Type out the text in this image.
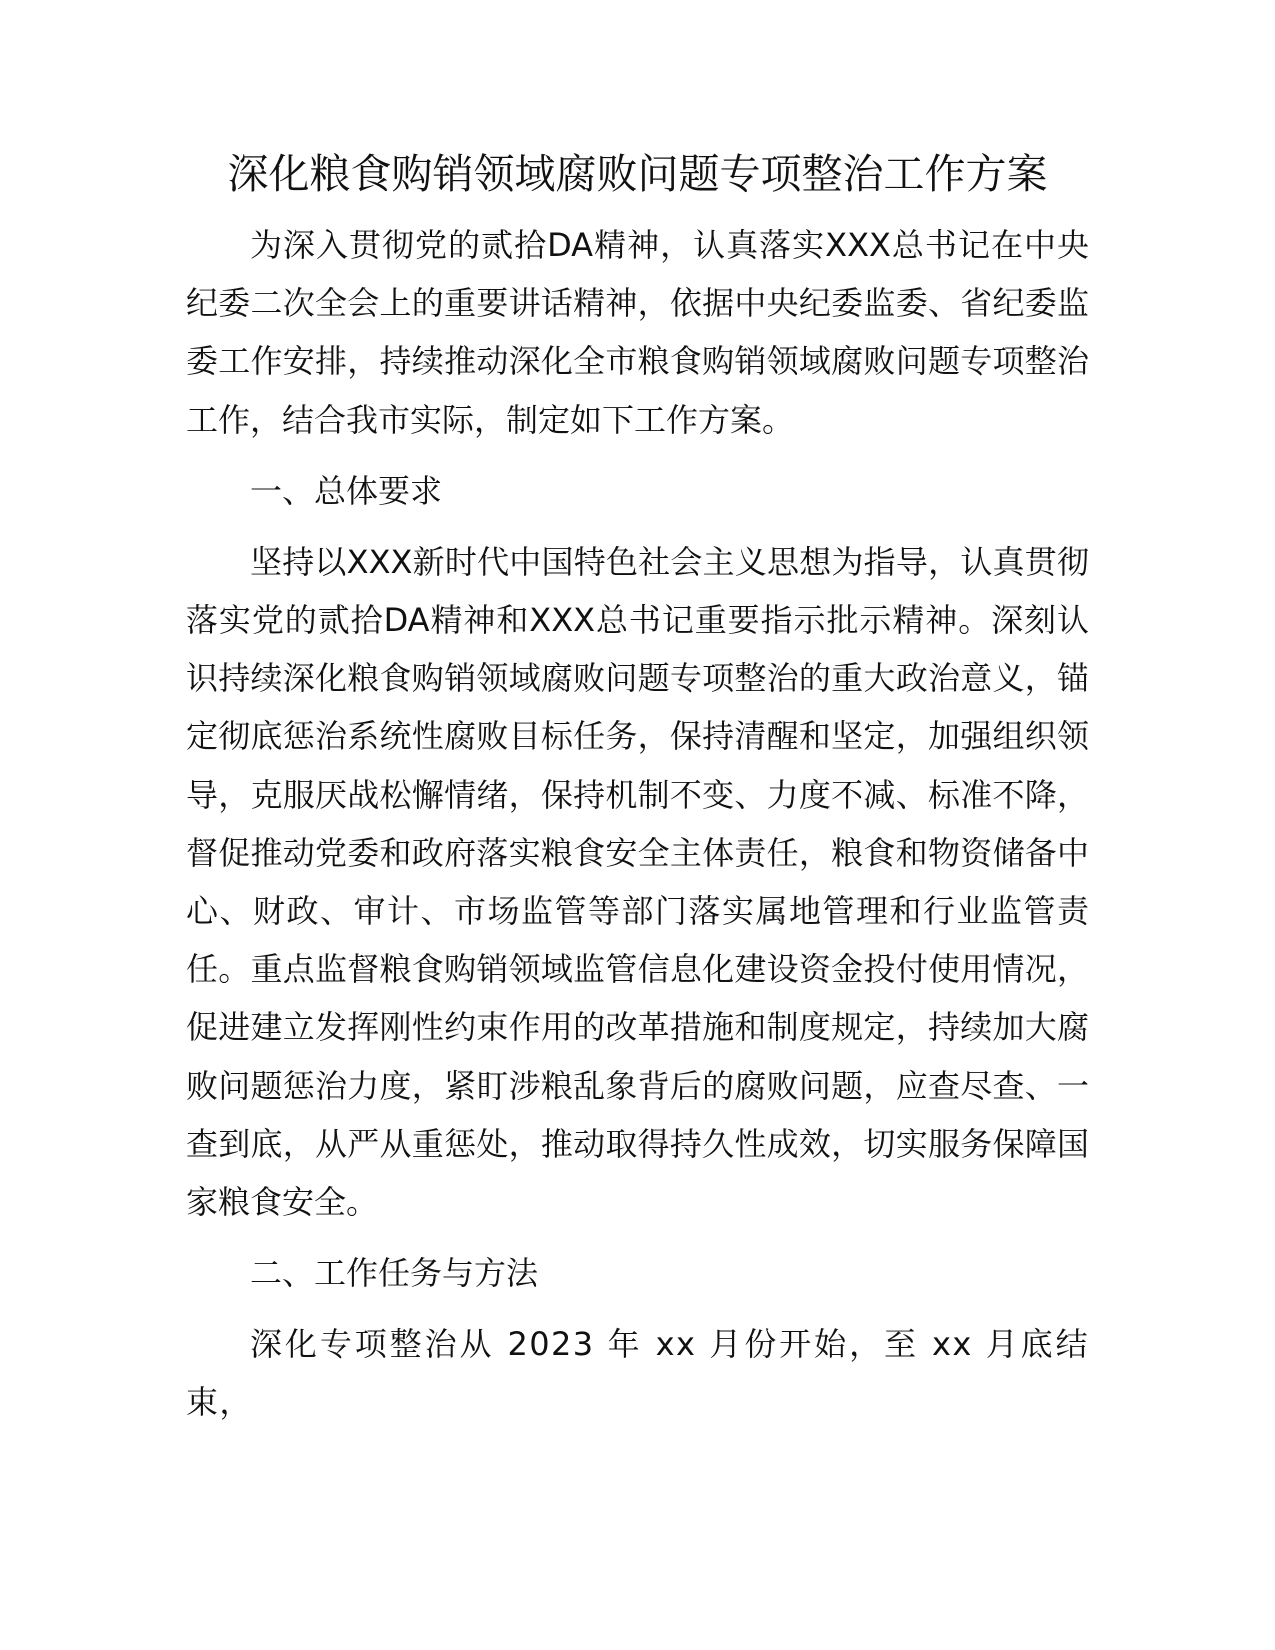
深化粮食购销领域腐败问题专项整治工作方案

为深入贯彻党的贰拾DA精神，认真落实XXX总书记在中央纪委二次全会上的重要讲话精神，依据中央纪委监委、省纪委监委工作安排，持续推动深化全市粮食购销领域腐败问题专项整治工作，结合我市实际，制定如下工作方案。

一、总体要求

坚持以XXX新时代中国特色社会主义思想为指导，认真贯彻落实党的贰拾DA精神和XXX总书记重要指示批示精神。深刻认识持续深化粮食购销领域腐败问题专项整治的重大政治意义，锚定彻底惩治系统性腐败目标任务，保持清醒和坚定，加强组织领导，克服厌战松懈情绪，保持机制不变、力度不减、标准不降，督促推动党委和政府落实粮食安全主体责任，粮食和物资储备中心、财政、审计、市场监管等部门落实属地管理和行业监管责任。重点监督粮食购销领域监管信息化建设资金投付使用情况，促进建立发挥刚性约束作用的改革措施和制度规定，持续加大腐败问题惩治力度，紧盯涉粮乱象背后的腐败问题，应查尽查、一查到底，从严从重惩处，推动取得持久性成效，切实服务保障国家粮食安全。

二、工作任务与方法

深化专项整治从 2023 年 xx 月份开始，至 xx 月底结束，
